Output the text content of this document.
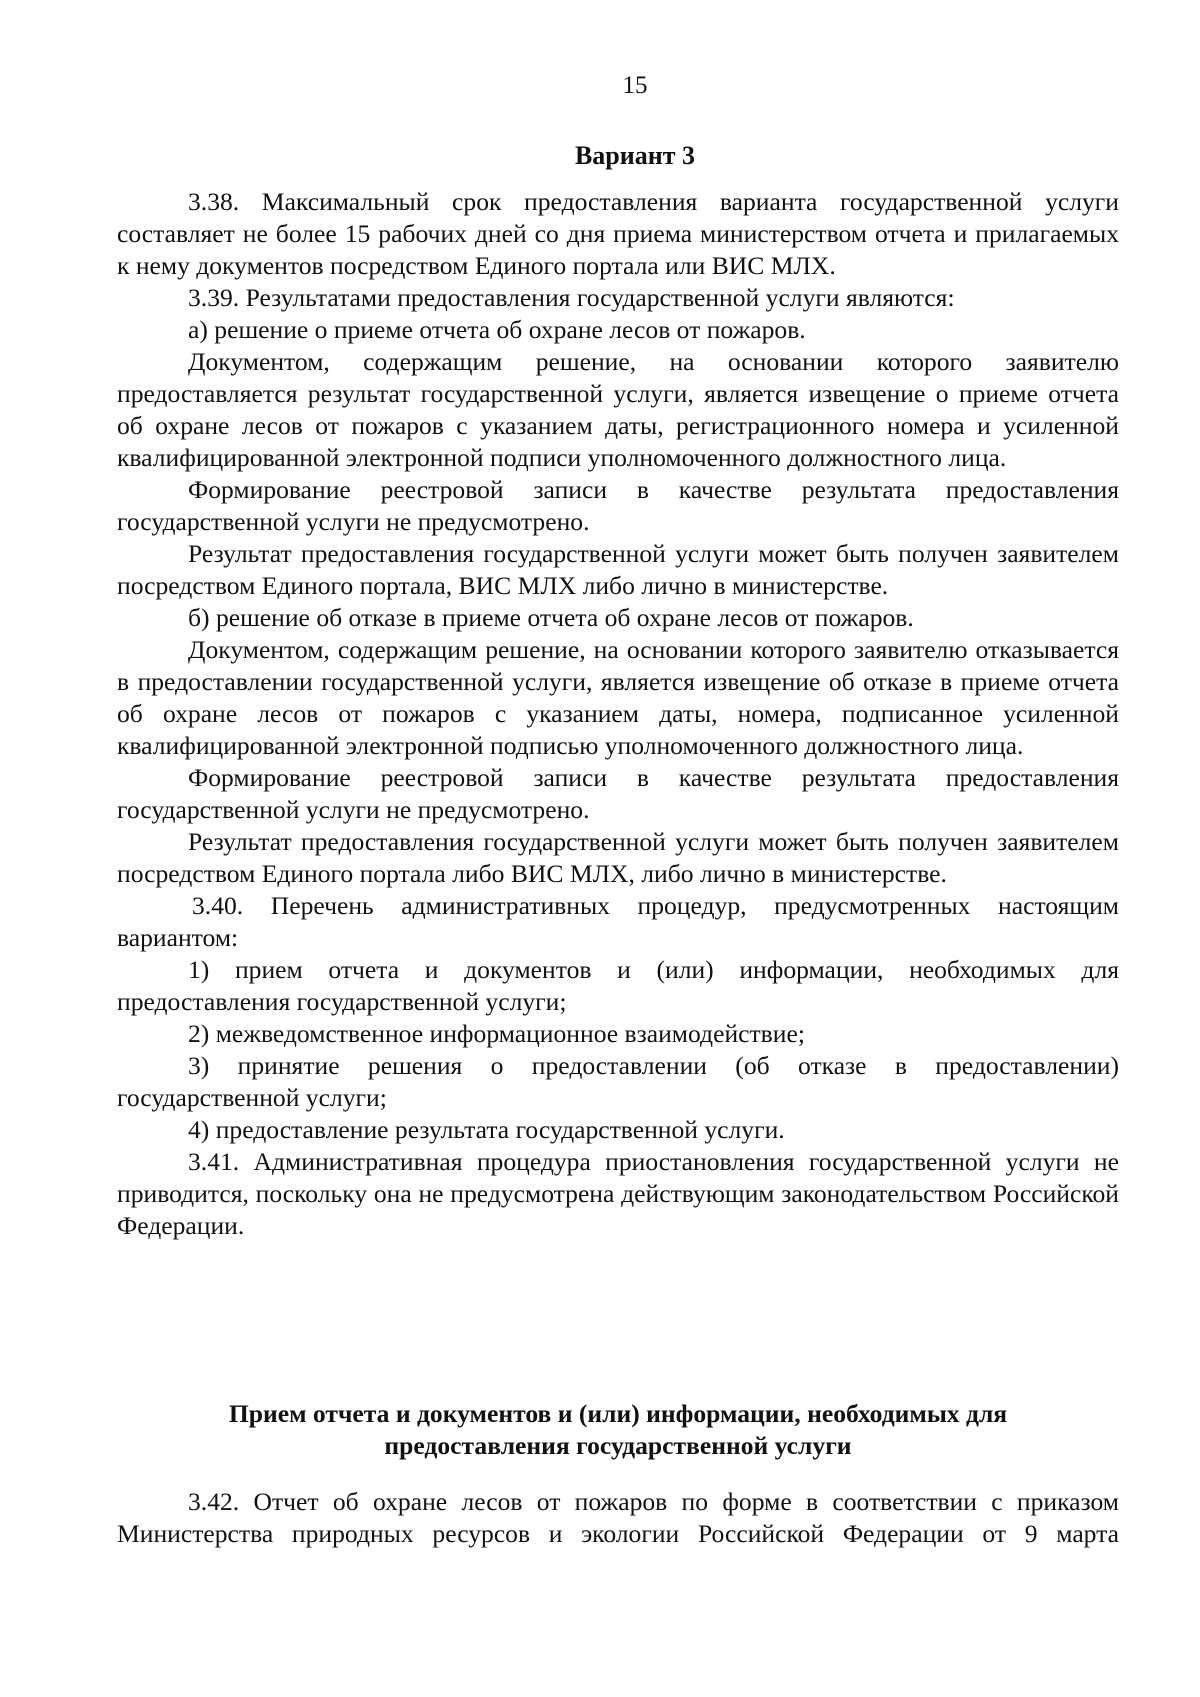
15
Вариант 3

3.38. Максимальный срок предоставления варианта государственной услуги составляет не более 15 рабочих дней со дня приема министерством отчета и прилагаемых к нему документов посредством Единого портала или ВИС МЛХ.

3.39. Результатами предоставления государственной услуги являются:

а) решение о приеме отчета об охране лесов от пожаров.

Документом, содержащим решение, на основании которого заявителю предоставляется результат государственной услуги, является извещение о приеме отчета об охране лесов от пожаров с указанием даты, регистрационного номера и усиленной квалифицированной электронной подписи уполномоченного должностного лица.

Формирование реестровой записи в качестве результата предоставления государственной услуги не предусмотрено.

Результат предоставления государственной услуги может быть получен заявителем посредством Единого портала, ВИС МЛХ либо лично в министерстве.

б) решение об отказе в приеме отчета об охране лесов от пожаров.

Документом, содержащим решение, на основании которого заявителю отказывается в предоставлении государственной услуги, является извещение об отказе в приеме отчета об охране лесов от пожаров с указанием даты, номера, подписанное усиленной квалифицированной электронной подписью уполномоченного должностного лица.

Формирование реестровой записи в качестве результата предоставления государственной услуги не предусмотрено.

Результат предоставления государственной услуги может быть получен заявителем посредством Единого портала либо ВИС МЛХ, либо лично в министерстве.

3.40. Перечень административных процедур, предусмотренных настоящим вариантом:

1) прием отчета и документов и (или) информации, необходимых для предоставления государственной услуги;

2) межведомственное информационное взаимодействие;

3) принятие решения о предоставлении (об отказе в предоставлении) государственной услуги;

4) предоставление результата государственной услуги.

3.41. Административная процедура приостановления государственной услуги не приводится, поскольку она не предусмотрена действующим законодательством Российской Федерации.

Прием отчета и документов и (или) информации, необходимых для
предоставления государственной услуги

3.42. Отчет об охране лесов от пожаров по форме в соответствии с приказом Министерства природных ресурсов и экологии Российской Федерации от 9 марта
